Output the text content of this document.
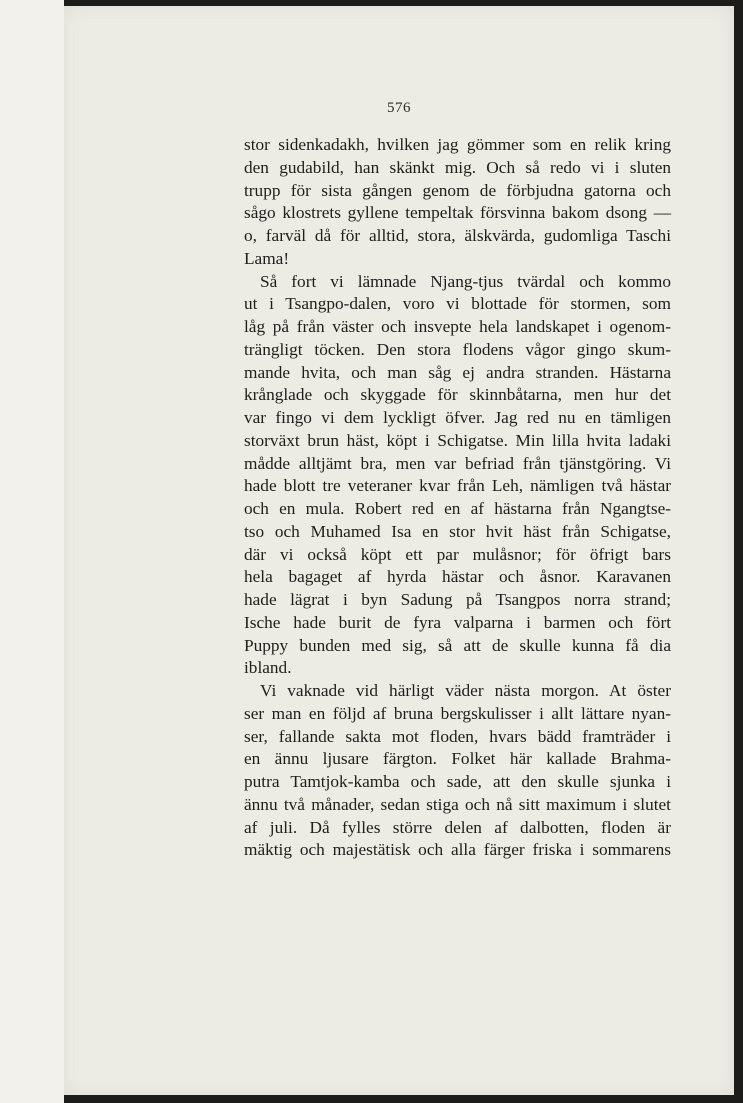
576
stor sidenkadakh, hvilken jag gömmer som en relik kring
den gudabild, han skänkt mig. Och så redo vi i sluten
trupp för sista gången genom de förbjudna gatorna och
sågo klostrets gyllene tempeltak försvinna bakom dsong —
o, farväl då för alltid, stora, älskvärda, gudomliga Taschi
Lama!
Så fort vi lämnade Njang-tjus tvärdal och kommo
ut i Tsangpo-dalen, voro vi blottade för stormen, som
låg på från väster och insvepte hela landskapet i ogenom-
trängligt töcken. Den stora flodens vågor gingo skum-
mande hvita, och man såg ej andra stranden. Hästarna
krånglade och skyggade för skinnbåtarna, men hur det
var fingo vi dem lyckligt öfver. Jag red nu en tämligen
storväxt brun häst, köpt i Schigatse. Min lilla hvita ladaki
mådde alltjämt bra, men var befriad från tjänstgöring. Vi
hade blott tre veteraner kvar från Leh, nämligen två hästar
och en mula. Robert red en af hästarna från Ngangtse-
tso och Muhamed Isa en stor hvit häst från Schigatse,
där vi också köpt ett par mulåsnor; för öfrigt bars
hela bagaget af hyrda hästar och åsnor. Karavanen
hade lägrat i byn Sadung på Tsangpos norra strand;
Ische hade burit de fyra valparna i barmen och fört
Puppy bunden med sig, så att de skulle kunna få dia
ibland.
Vi vaknade vid härligt väder nästa morgon. At öster
ser man en följd af bruna bergskulisser i allt lättare nyan-
ser, fallande sakta mot floden, hvars bädd framträder i
en ännu ljusare färgton. Folket här kallade Brahma-
putra Tamtjok-kamba och sade, att den skulle sjunka i
ännu två månader, sedan stiga och nå sitt maximum i slutet
af juli. Då fylles större delen af dalbotten, floden är
mäktig och majestätisk och alla färger friska i sommarens
